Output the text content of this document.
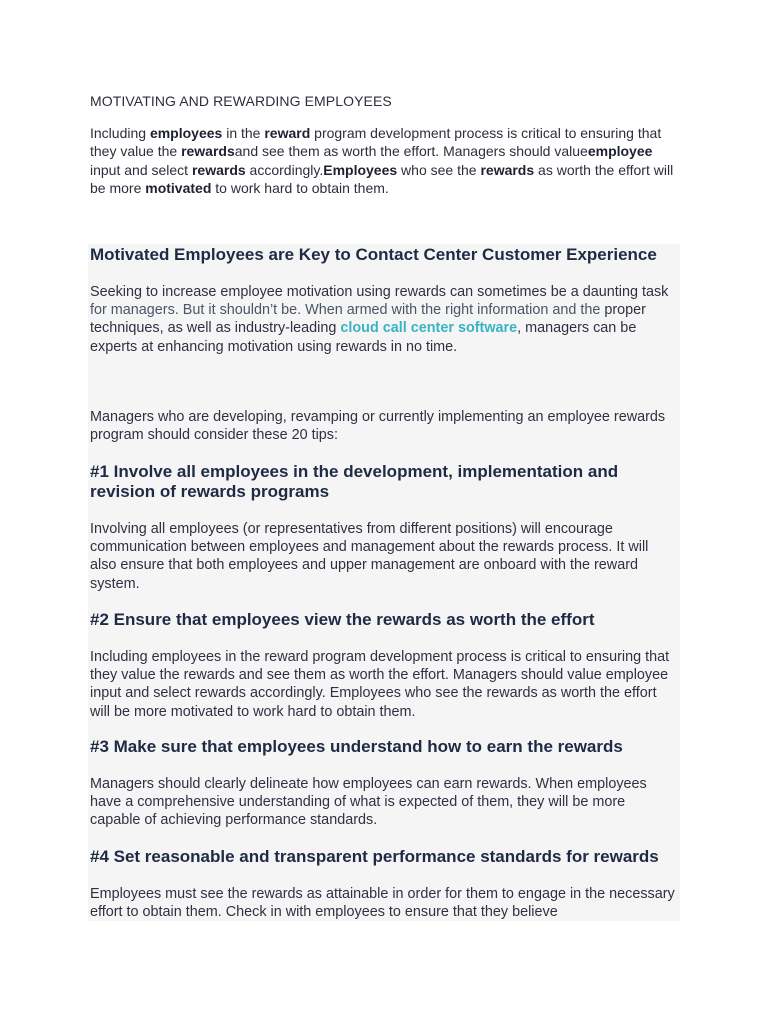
MOTIVATING AND REWARDING EMPLOYEES

Including employees in the reward program development process is critical to ensuring that they value the rewardsand see them as worth the effort. Managers should valueemployee input and select rewards accordingly.Employees who see the rewards as worth the effort will be more motivated to work hard to obtain them.

Motivated Employees are Key to Contact Center Customer Experience

Seeking to increase employee motivation using rewards can sometimes be a daunting task for managers. But it shouldn’t be. When armed with the right information and the proper techniques, as well as industry-leading cloud call center software, managers can be experts at enhancing motivation using rewards in no time.

Managers who are developing, revamping or currently implementing an employee rewards program should consider these 20 tips:

#1 Involve all employees in the development, implementation and revision of rewards programs

Involving all employees (or representatives from different positions) will encourage communication between employees and management about the rewards process. It will also ensure that both employees and upper management are onboard with the reward system.

#2 Ensure that employees view the rewards as worth the effort

Including employees in the reward program development process is critical to ensuring that they value the rewards and see them as worth the effort. Managers should value employee input and select rewards accordingly. Employees who see the rewards as worth the effort will be more motivated to work hard to obtain them.

#3 Make sure that employees understand how to earn the rewards

Managers should clearly delineate how employees can earn rewards. When employees have a comprehensive understanding of what is expected of them, they will be more capable of achieving performance standards.

#4 Set reasonable and transparent performance standards for rewards

Employees must see the rewards as attainable in order for them to engage in the necessary effort to obtain them. Check in with employees to ensure that they believe
